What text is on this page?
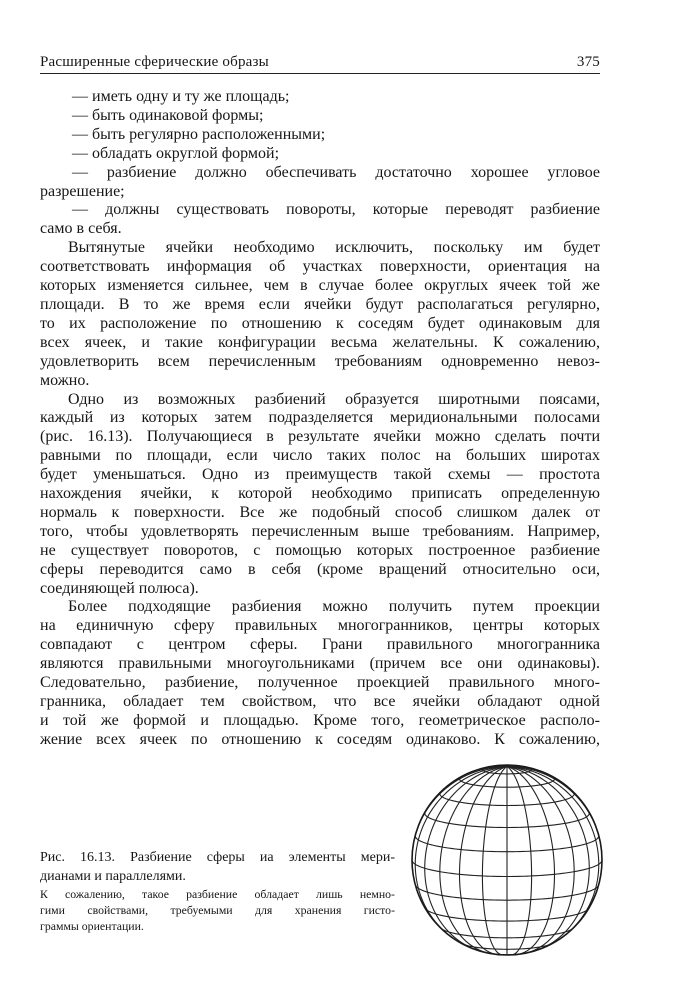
Расширенные сферические образы	375
— иметь одну и ту же площадь;
— быть одинаковой формы;
— быть регулярно расположенными;
— обладать округлой формой;
— разбиение должно обеспечивать достаточно хорошее угловое
разрешение;
— должны существовать повороты, которые переводят разбиение
само в себя.
Вытянутые ячейки необходимо исключить, поскольку им будет
соответствовать информация об участках поверхности, ориентация на
которых изменяется сильнее, чем в случае более округлых ячеек той же
площади. В то же время если ячейки будут располагаться регулярно,
то их расположение по отношению к соседям будет одинаковым для
всех ячеек, и такие конфигурации весьма желательны. К сожалению,
удовлетворить всем перечисленным требованиям одновременно невоз-
можно.
Одно из возможных разбиений образуется широтными поясами,
каждый из которых затем подразделяется меридиональными полосами
(рис. 16.13). Получающиеся в результате ячейки можно сделать почти
равными по площади, если число таких полос на больших широтах
будет уменьшаться. Одно из преимуществ такой схемы — простота
нахождения ячейки, к которой необходимо приписать определенную
нормаль к поверхности. Все же подобный способ слишком далек от
того, чтобы удовлетворять перечисленным выше требованиям. Например,
не существует поворотов, с помощью которых построенное разбиение
сферы переводится само в себя (кроме вращений относительно оси,
соединяющей полюса).
Более подходящие разбиения можно получить путем проекции
на единичную сферу правильных многогранников, центры которых
совпадают с центром сферы. Грани правильного многогранника
являются правильными многоугольниками (причем все они одинаковы).
Следовательно, разбиение, полученное проекцией правильного много-
гранника, обладает тем свойством, что все ячейки обладают одной
и той же формой и площадью. Кроме того, геометрическое располо-
жение всех ячеек по отношению к соседям одинаково. К сожалению,
Рис. 16.13. Разбиение сферы иа элементы мери-
дианами и параллелями.
К сожалению, такое разбиение обладает лишь немно-
гими свойствами, требуемыми для хранения гисто-
граммы ориентации.
